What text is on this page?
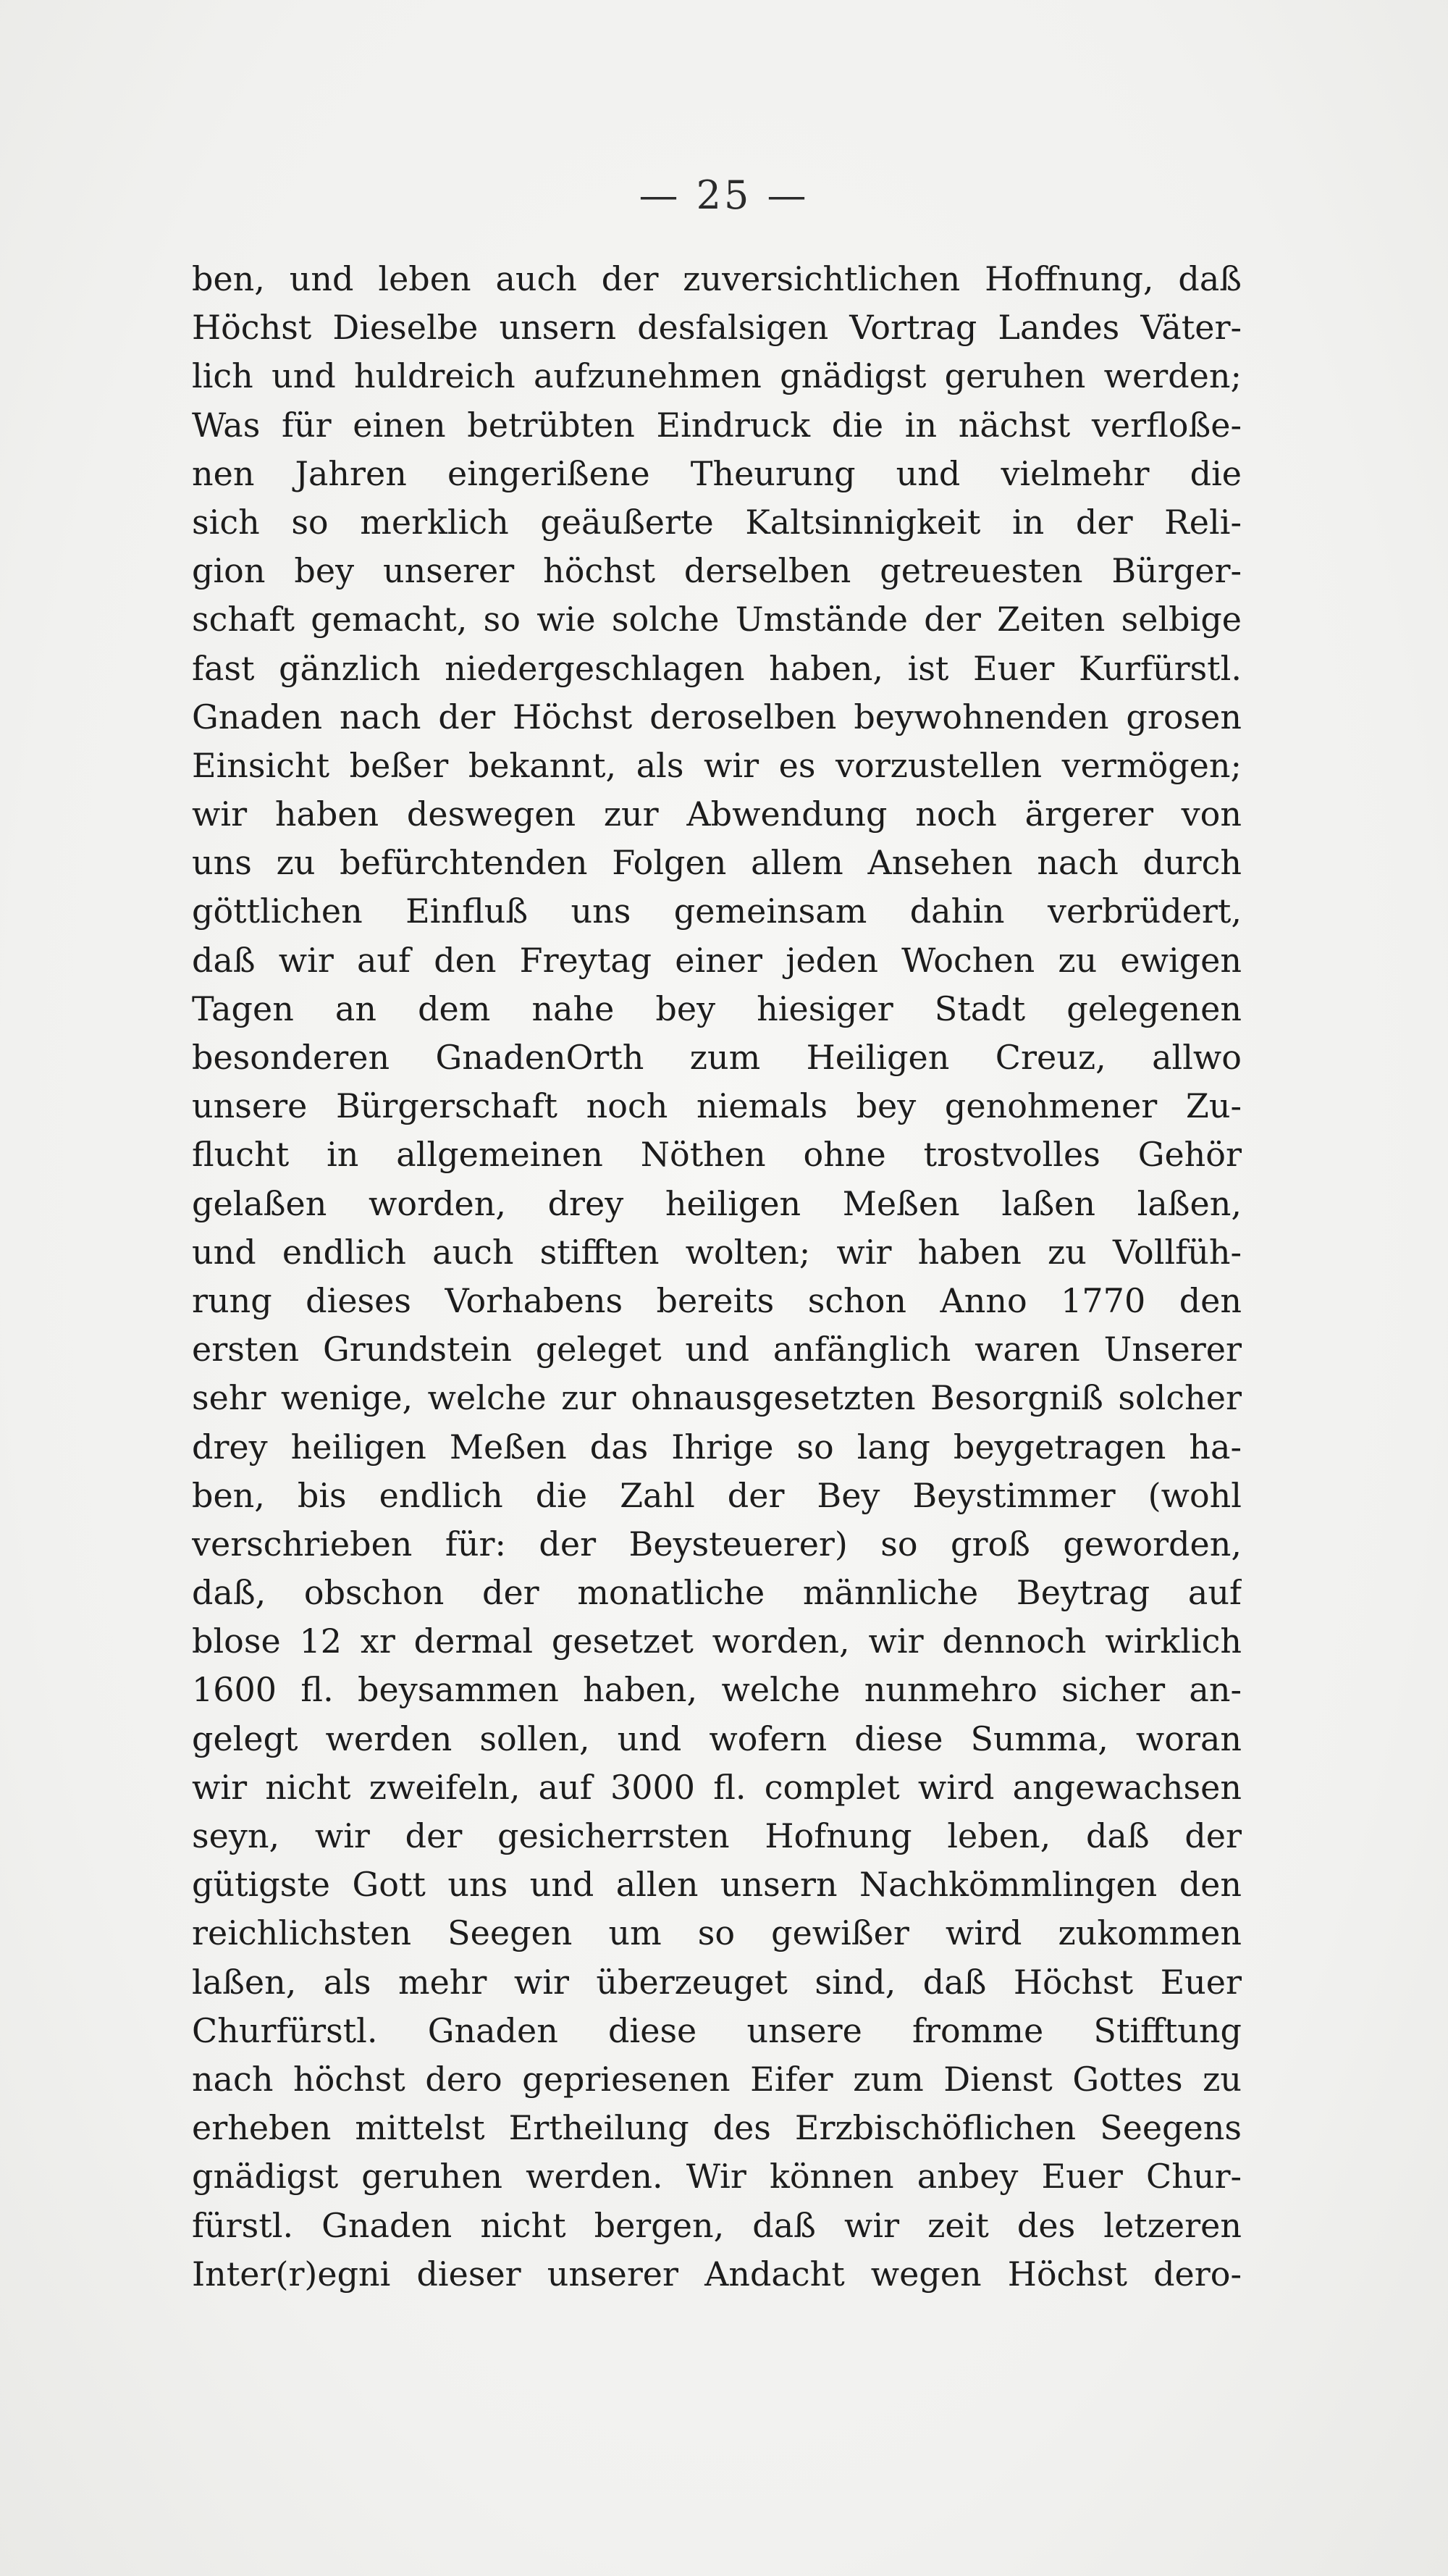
— 25 —
ben, und leben auch der zuversichtlichen Hoffnung, daß
Höchst Dieselbe unsern desfalsigen Vortrag Landes Väter-
lich und huldreich aufzunehmen gnädigst geruhen werden;
Was für einen betrübten Eindruck die in nächst verfloße-
nen Jahren eingerißene Theurung und vielmehr die
sich so merklich geäußerte Kaltsinnigkeit in der Reli-
gion bey unserer höchst derselben getreuesten Bürger-
schaft gemacht, so wie solche Umstände der Zeiten selbige
fast gänzlich niedergeschlagen haben, ist Euer Kurfürstl.
Gnaden nach der Höchst deroselben beywohnenden grosen
Einsicht beßer bekannt, als wir es vorzustellen vermögen;
wir haben deswegen zur Abwendung noch ärgerer von
uns zu befürchtenden Folgen allem Ansehen nach durch
göttlichen Einfluß uns gemeinsam dahin verbrüdert,
daß wir auf den Freytag einer jeden Wochen zu ewigen
Tagen an dem nahe bey hiesiger Stadt gelegenen
besonderen GnadenOrth zum Heiligen Creuz, allwo
unsere Bürgerschaft noch niemals bey genohmener Zu-
flucht in allgemeinen Nöthen ohne trostvolles Gehör
gelaßen worden, drey heiligen Meßen laßen laßen,
und endlich auch stifften wolten; wir haben zu Vollfüh-
rung dieses Vorhabens bereits schon Anno 1770 den
ersten Grundstein geleget und anfänglich waren Unserer
sehr wenige, welche zur ohnausgesetzten Besorgniß solcher
drey heiligen Meßen das Ihrige so lang beygetragen ha-
ben, bis endlich die Zahl der Bey Beystimmer (wohl
verschrieben für: der Beysteuerer) so groß geworden,
daß, obschon der monatliche männliche Beytrag auf
blose 12 xr dermal gesetzet worden, wir dennoch wirklich
1600 fl. beysammen haben, welche nunmehro sicher an-
gelegt werden sollen, und wofern diese Summa, woran
wir nicht zweifeln, auf 3000 fl. complet wird angewachsen
seyn, wir der gesicherrsten Hofnung leben, daß der
gütigste Gott uns und allen unsern Nachkömmlingen den
reichlichsten Seegen um so gewißer wird zukommen
laßen, als mehr wir überzeuget sind, daß Höchst Euer
Churfürstl. Gnaden diese unsere fromme Stifftung
nach höchst dero gepriesenen Eifer zum Dienst Gottes zu
erheben mittelst Ertheilung des Erzbischöflichen Seegens
gnädigst geruhen werden. Wir können anbey Euer Chur-
fürstl. Gnaden nicht bergen, daß wir zeit des letzeren
Inter(r)egni dieser unserer Andacht wegen Höchst dero-
